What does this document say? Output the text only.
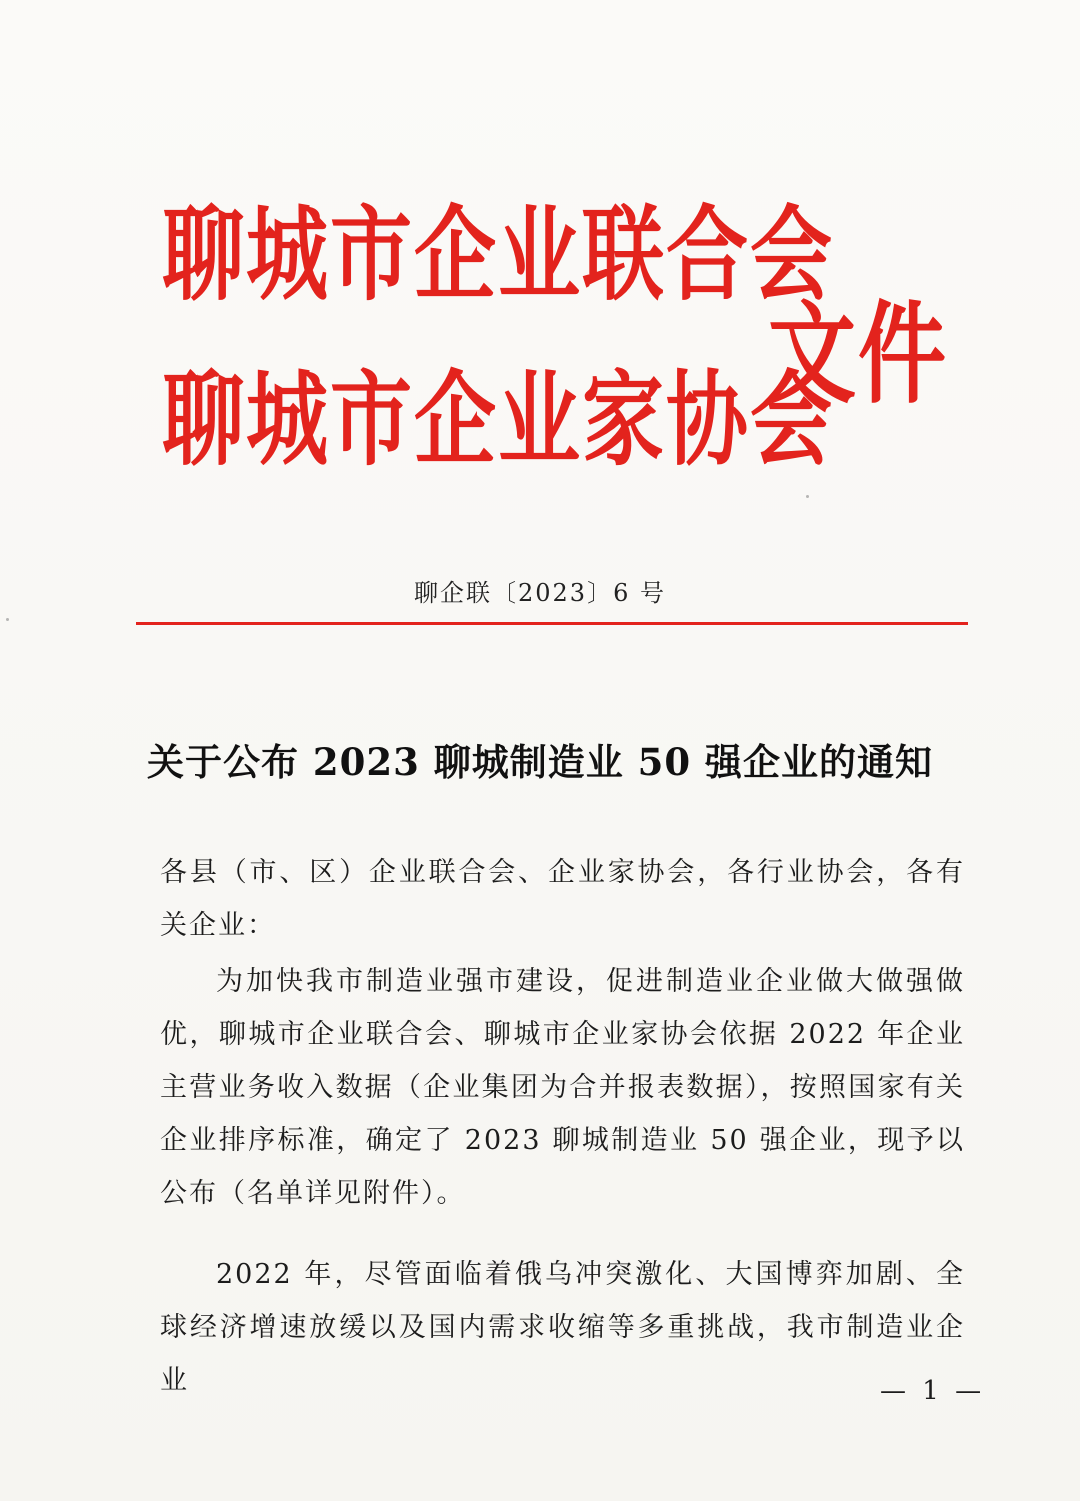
聊城市企业联合会
聊城市企业家协会
文件
聊企联〔2023〕6 号
关于公布 2023 聊城制造业 50 强企业的通知
各县（市、区）企业联合会、企业家协会，各行业协会，各有关企业：
为加快我市制造业强市建设，促进制造业企业做大做强做优，聊城市企业联合会、聊城市企业家协会依据 2022 年企业主营业务收入数据（企业集团为合并报表数据），按照国家有关企业排序标准，确定了 2023 聊城制造业 50 强企业，现予以公布（名单详见附件）。
2022 年，尽管面临着俄乌冲突激化、大国博弈加剧、全球经济增速放缓以及国内需求收缩等多重挑战，我市制造业企业	— 1 —
